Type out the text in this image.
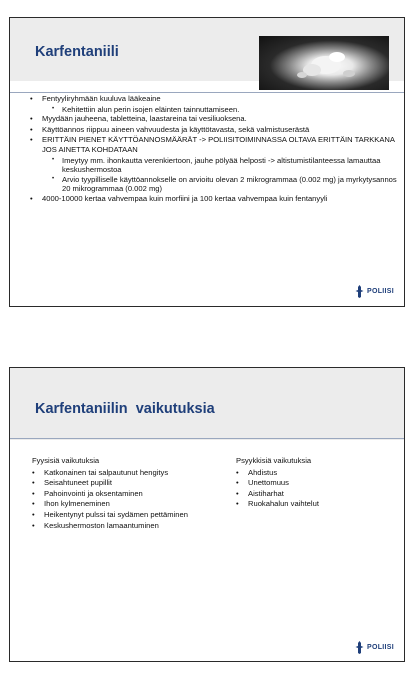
Karfentaniili
• Fentyyliryhmään kuuluva lääkeaine
• Kehitettiin alun perin isojen eläinten tainnuttamiseen.
• Myydään jauheena, tabletteina, laastareina tai vesiliuoksena.
• Käyttöannos riippuu aineen vahvuudesta ja käyttötavasta, sekä valmistuserästä
• ERITTÄIN PIENET KÄYTTÖANNOSMÄÄRÄT -> POLIISITOIMINNASSA OLTAVA ERITTÄIN TARKKANA JOS AINETTA KOHDATAAN
• Imeytyy mm. ihonkautta verenkiertoon, jauhe pölyää helposti -> altistumistilanteessa lamauttaa keskushermostoa
• Arvio tyypilliselle käyttöannokselle on arvioitu olevan 2 mikrogrammaa (0.002 mg) ja myrkytysannos 20 mikrogrammaa (0.002 mg)
• 4000-10000 kertaa vahvempaa kuin morfiini ja 100 kertaa vahvempaa kuin fentanyyli
POLIISI
Karfentaniilin  vaikutuksia

Fyysisiä vaikutuksia

• Katkonainen tai salpautunut hengitys
• Seisahtuneet pupillit
• Pahoinvointi ja oksentaminen
• Ihon kylmeneminen
• Heikentynyt pulssi tai sydämen pettäminen
• Keskushermoston lamaantuminen

Psyykkisiä vaikutuksia

• Ahdistus
• Unettomuus
• Aistiharhat
• Ruokahalun vaihtelut
POLIISI
